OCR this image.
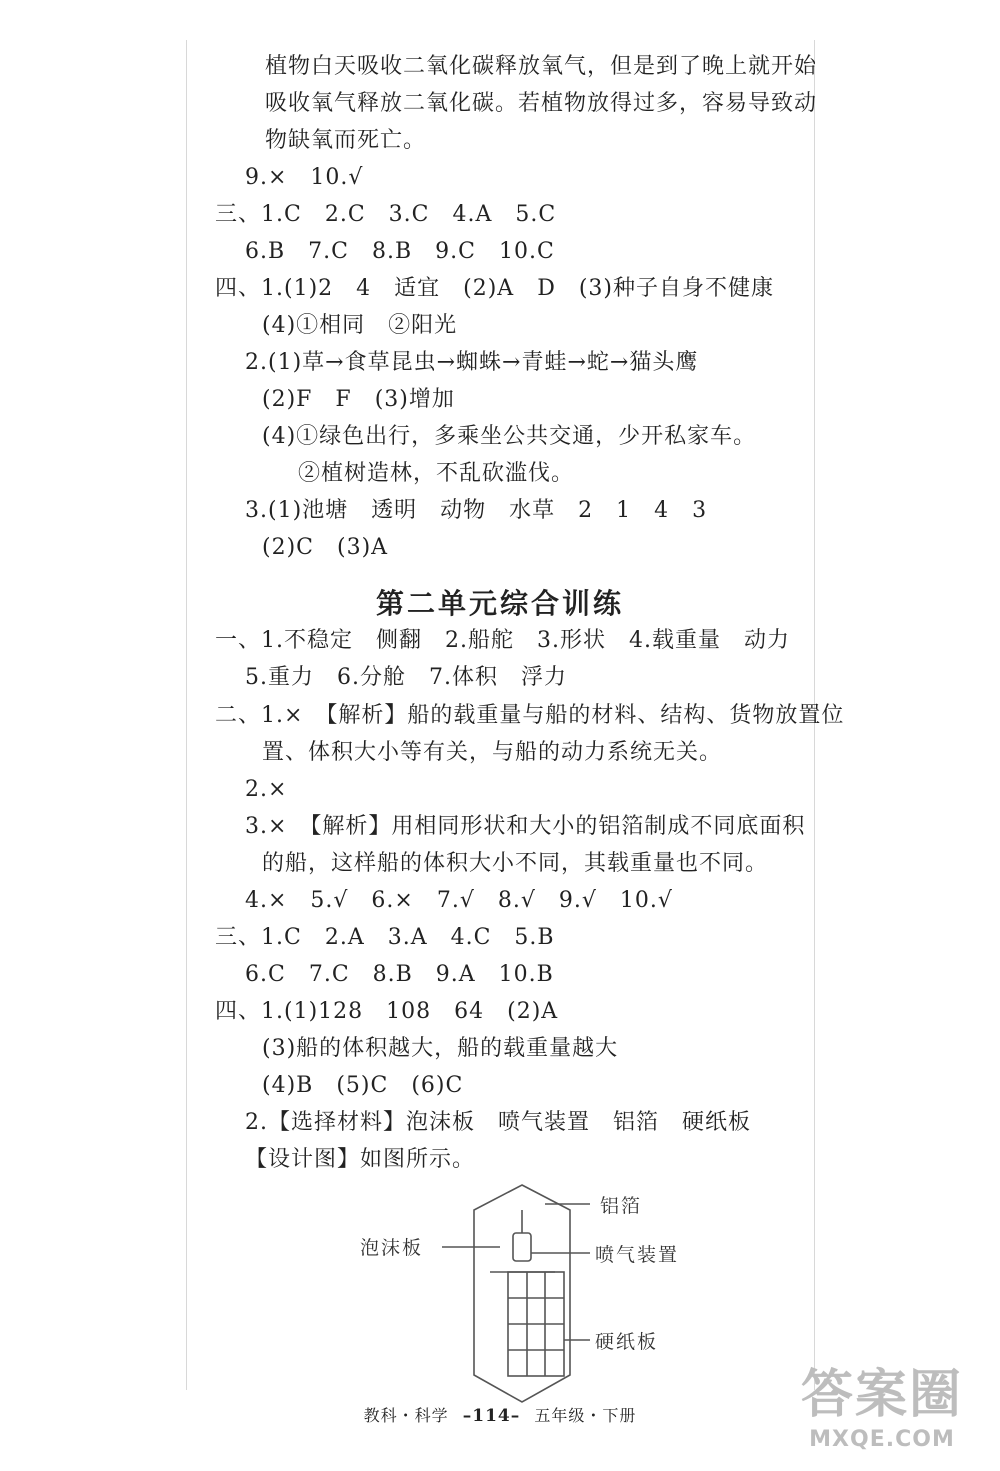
植物白天吸收二氧化碳释放氧气，但是到了晚上就开始
吸收氧气释放二氧化碳。若植物放得过多，容易导致动
物缺氧而死亡。
9.×　10.√
三、1.C　2.C　3.C　4.A　5.C
6.B　7.C　8.B　9.C　10.C
四、1.(1)2　4　适宜　(2)A　D　(3)种子自身不健康
(4)①相同　②阳光
2.(1)草→食草昆虫→蜘蛛→青蛙→蛇→猫头鹰
(2)F　F　(3)增加
(4)①绿色出行，多乘坐公共交通，少开私家车。
②植树造林，不乱砍滥伐。
3.(1)池塘　透明　动物　水草　2　1　4　3
(2)C　(3)A
第二单元综合训练
一、1.不稳定　侧翻　2.船舵　3.形状　4.载重量　动力
5.重力　6.分舱　7.体积　浮力
二、1.×　【解析】船的载重量与船的材料、结构、货物放置位
置、体积大小等有关，与船的动力系统无关。
2.×
3.×　【解析】用相同形状和大小的铝箔制成不同底面积
的船，这样船的体积大小不同，其载重量也不同。
4.×　5.√　6.×　7.√　8.√　9.√　10.√
三、1.C　2.A　3.A　4.C　5.B
6.C　7.C　8.B　9.A　10.B
四、1.(1)128　108　64　(2)A
(3)船的体积越大，船的载重量越大
(4)B　(5)C　(6)C
2.【选择材料】泡沫板　喷气装置　铝箔　硬纸板
【设计图】如图所示。
铝箔
泡沫板	喷气装置
硬纸板
教科・科学 –114– 五年级・下册	答案圈
MXQE.COM
